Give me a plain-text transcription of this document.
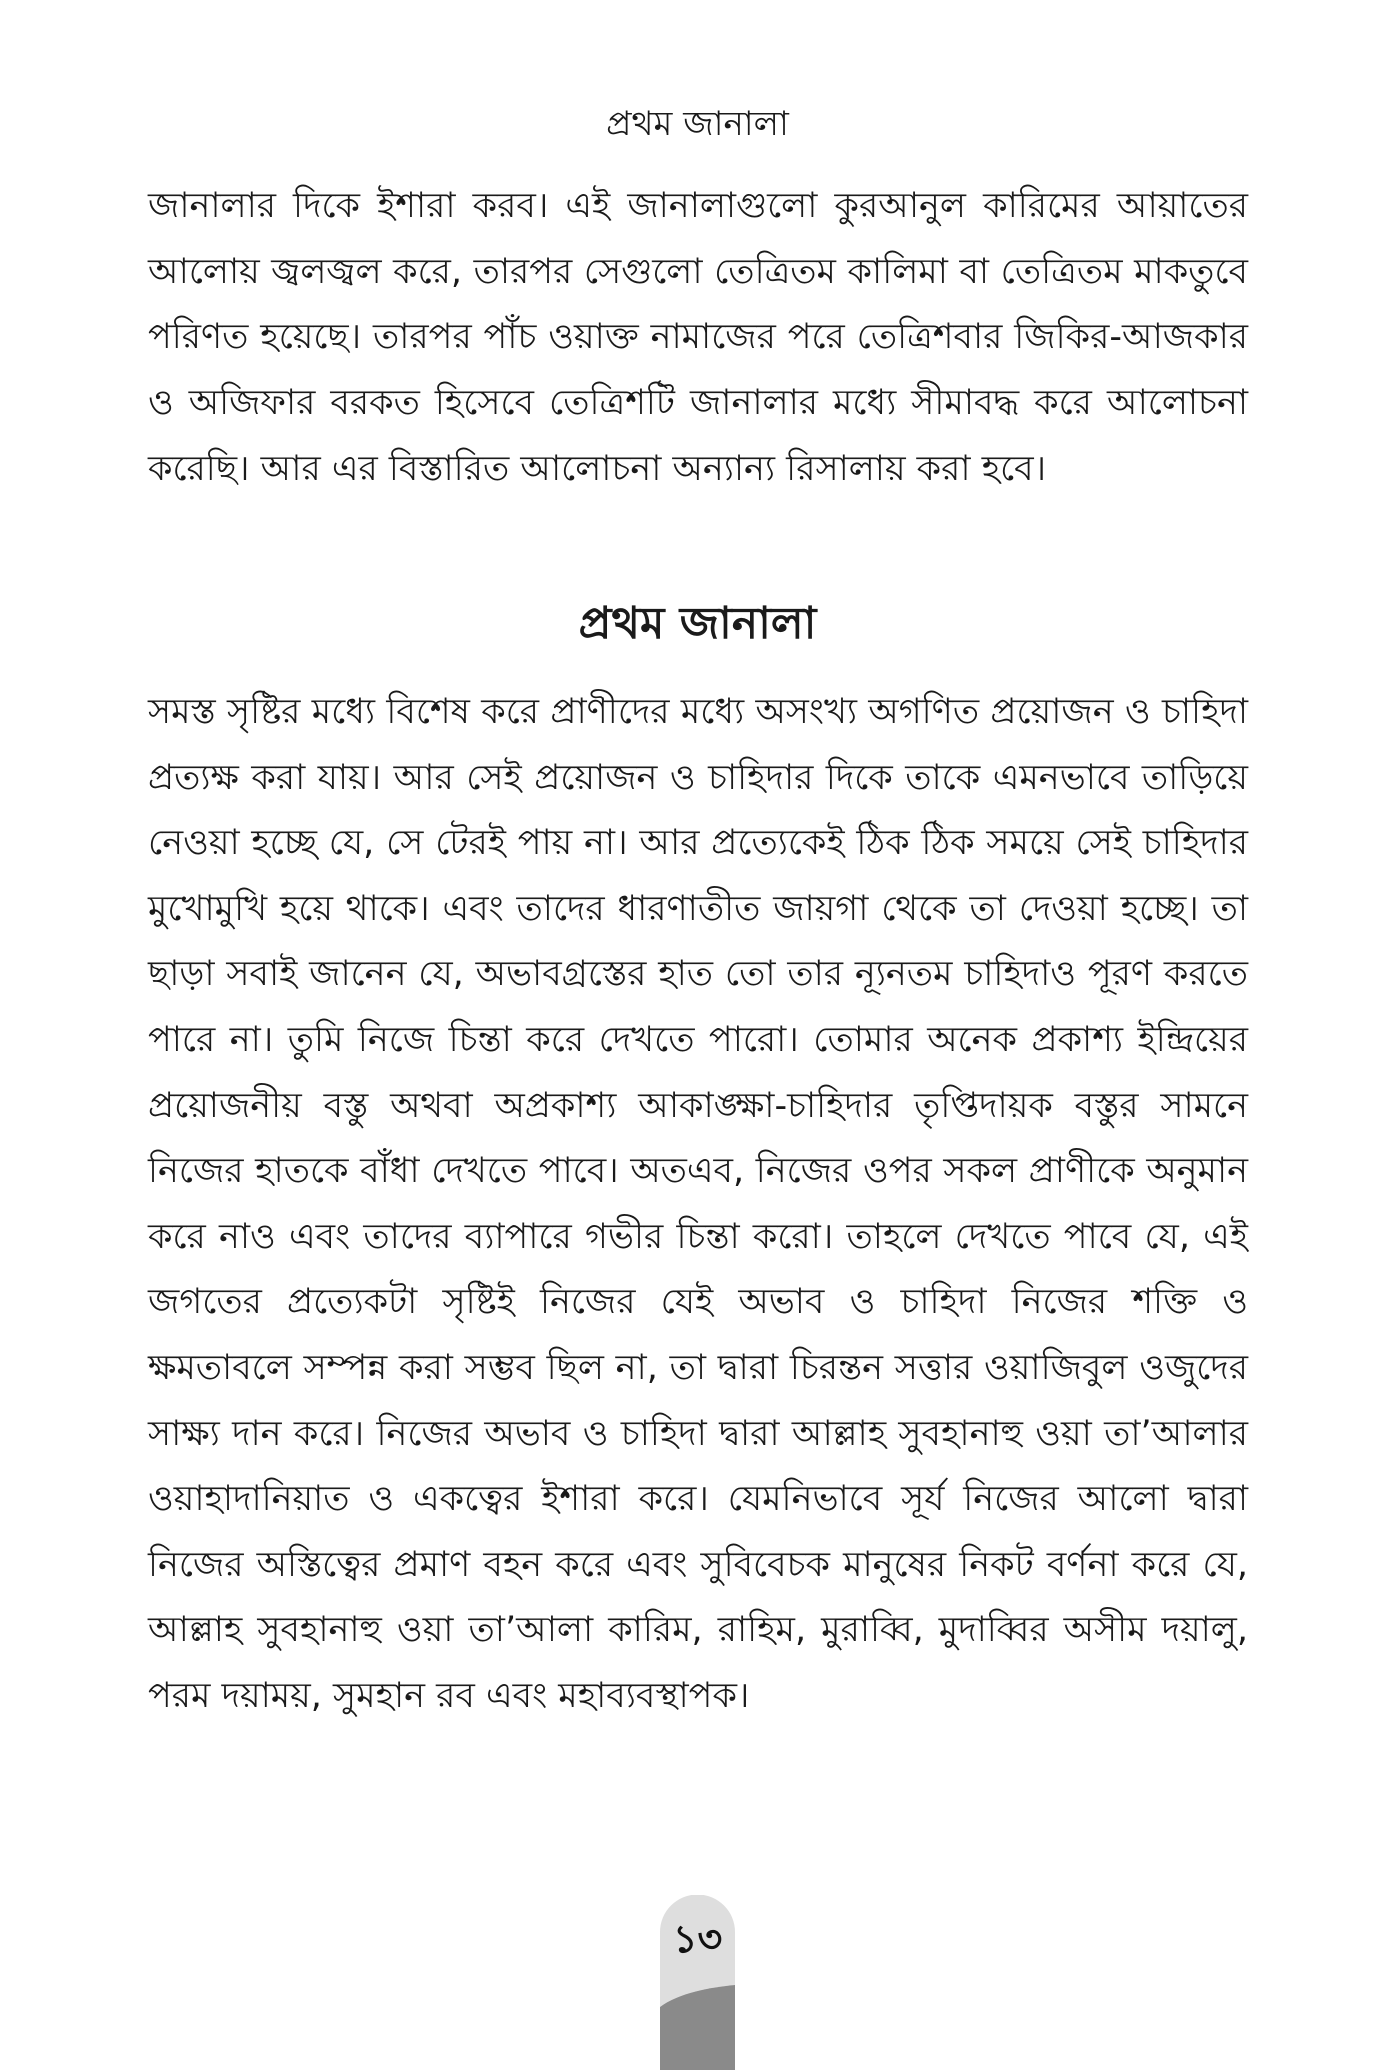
প্রথম জানালা

জানালার দিকে ইশারা করব। এই জানালাগুলো কুরআনুল কারিমের আয়াতের আলোয় জ্বলজ্বল করে, তারপর সেগুলো তেত্রিতম কালিমা বা তেত্রিতম মাকতুবে পরিণত হয়েছে। তারপর পাঁচ ওয়াক্ত নামাজের পরে তেত্রিশবার জিকির-আজকার ও অজিফার বরকত হিসেবে তেত্রিশটি জানালার মধ্যে সীমাবদ্ধ করে আলোচনা করেছি। আর এর বিস্তারিত আলোচনা অন্যান্য রিসালায় করা হবে।

প্রথম জানালা

সমস্ত সৃষ্টির মধ্যে বিশেষ করে প্রাণীদের মধ্যে অসংখ্য অগণিত প্রয়োজন ও চাহিদা প্রত্যক্ষ করা যায়। আর সেই প্রয়োজন ও চাহিদার দিকে তাকে এমনভাবে তাড়িয়ে নেওয়া হচ্ছে যে, সে টেরই পায় না। আর প্রত্যেকেই ঠিক ঠিক সময়ে সেই চাহিদার মুখোমুখি হয়ে থাকে। এবং তাদের ধারণাতীত জায়গা থেকে তা দেওয়া হচ্ছে। তা ছাড়া সবাই জানেন যে, অভাবগ্রস্তের হাত তো তার ন্যূনতম চাহিদাও পূরণ করতে পারে না। তুমি নিজে চিন্তা করে দেখতে পারো। তোমার অনেক প্রকাশ্য ইন্দ্রিয়ের প্রয়োজনীয় বস্তু অথবা অপ্রকাশ্য আকাঙ্ক্ষা-চাহিদার তৃপ্তিদায়ক বস্তুর সামনে নিজের হাতকে বাঁধা দেখতে পাবে। অতএব, নিজের ওপর সকল প্রাণীকে অনুমান করে নাও এবং তাদের ব্যাপারে গভীর চিন্তা করো। তাহলে দেখতে পাবে যে, এই জগতের প্রত্যেকটা সৃষ্টিই নিজের যেই অভাব ও চাহিদা নিজের শক্তি ও ক্ষমতাবলে সম্পন্ন করা সম্ভব ছিল না, তা দ্বারা চিরন্তন সত্তার ওয়াজিবুল ওজুদের সাক্ষ্য দান করে। নিজের অভাব ও চাহিদা দ্বারা আল্লাহ সুবহানাহু ওয়া তা’আলার ওয়াহাদানিয়াত ও একত্বের ইশারা করে। যেমনিভাবে সূর্য নিজের আলো দ্বারা নিজের অস্তিত্বের প্রমাণ বহন করে এবং সুবিবেচক মানুষের নিকট বর্ণনা করে যে, আল্লাহ সুবহানাহু ওয়া তা’আলা কারিম, রাহিম, মুরাব্বি, মুদাব্বির অসীম দয়ালু, পরম দয়াময়, সুমহান রব এবং মহাব্যবস্থাপক।

১৩
